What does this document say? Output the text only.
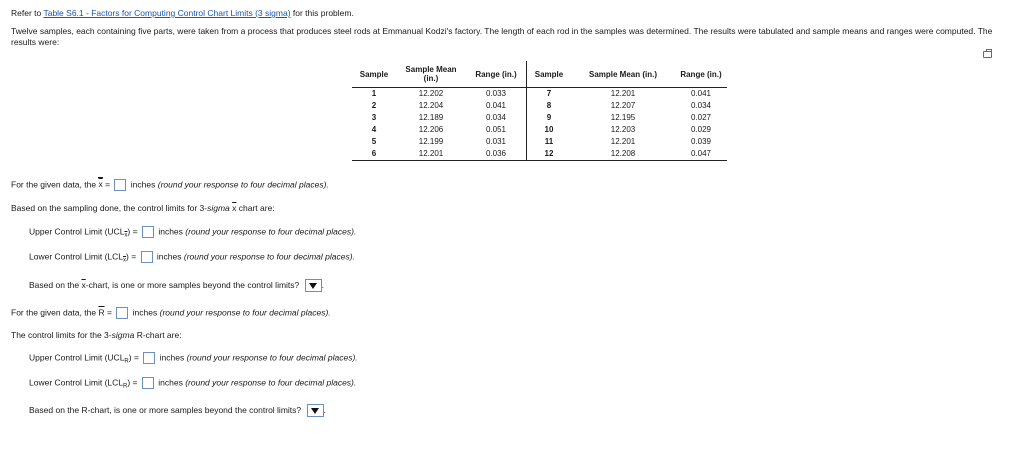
Refer to Table S6.1 - Factors for Computing Control Chart Limits (3 sigma) for this problem.
Twelve samples, each containing five parts, were taken from a process that produces steel rods at Emmanual Kodzi's factory. The length of each rod in the samples was determined. The results were tabulated and sample means and ranges were computed. The results were:
Sample	Sample Mean (in.)	Range (in.)	Sample	Sample Mean (in.)	Range (in.)
1	12.202	0.033	7	12.201	0.041
2	12.204	0.041	8	12.207	0.034
3	12.189	0.034	9	12.195	0.027
4	12.206	0.051	10	12.203	0.029
5	12.199	0.031	11	12.201	0.039
6	12.201	0.036	12	12.208	0.047
For the given data, the $\overline{x}$ = inches (round your response to four decimal places).
Based on the sampling done, the control limits for 3-sigma $\overline{x}$ chart are:
Upper Control Limit $(UCL_{\overline{x}})$ = inches (round your response to four decimal places).
Lower Control Limit $(LCL_{\overline{x}})$ = inches (round your response to four decimal places).
Based on the $\overline{x}$-chart, is one or more samples beyond the control limits?	.
For the given data, the $\overline{R}$ = inches (round your response to four decimal places).
The control limits for the 3-sigma R-chart are:
Upper Control Limit $(UCL_R)$ = inches (round your response to four decimal places).
Lower Control Limit $(LCL_R)$ = inches (round your response to four decimal places).
Based on the R-chart, is one or more samples beyond the control limits?	.
